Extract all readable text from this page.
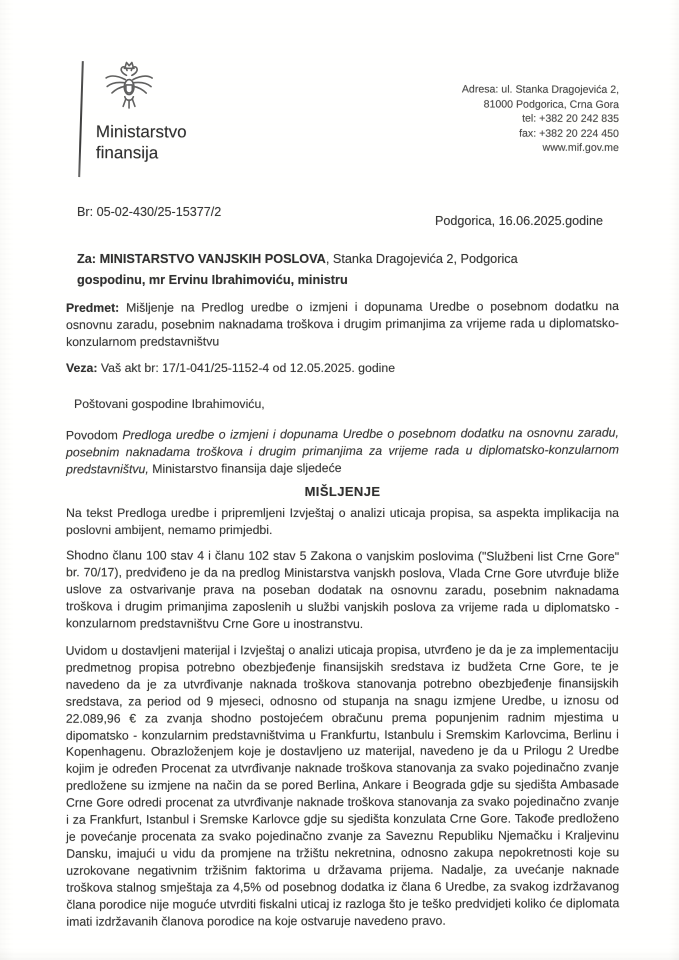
Ministarstvo
finansija
Adresa: ul. Stanka Dragojevića 2,
81000 Podgorica, Crna Gora
tel: +382 20 242 835
fax: +382 20 224 450
www.mif.gov.me
Br: 05-02-430/25-15377/2
Podgorica, 16.06.2025.godine
Za: MINISTARSTVO VANJSKIH POSLOVA, Stanka Dragojevića 2, Podgorica
gospodinu, mr Ervinu Ibrahimoviću, ministru
Predmet: Mišljenje na Predlog uredbe o izmjeni i dopunama Uredbe o posebnom dodatku na osnovnu zaradu, posebnim naknadama troškova i drugim primanjima za vrijeme rada u diplomatsko-konzularnom predstavništvu
Veza: Vaš akt br: 17/1-041/25-1152-4 od 12.05.2025. godine
Poštovani gospodine Ibrahimoviću,
Povodom Predloga uredbe o izmjeni i dopunama Uredbe o posebnom dodatku na osnovnu zaradu, posebnim naknadama troškova i drugim primanjima za vrijeme rada u diplomatsko-konzularnom predstavništvu, Ministarstvo finansija daje sljedeće
MIŠLJENJE
Na tekst Predloga uredbe i pripremljeni Izvještaj o analizi uticaja propisa, sa aspekta implikacija na poslovni ambijent, nemamo primjedbi.
Shodno članu 100 stav 4 i članu 102 stav 5 Zakona o vanjskim poslovima ("Službeni list Crne Gore" br. 70/17), predviđeno je da na predlog Ministarstva vanjskh poslova, Vlada Crne Gore utvrđuje bliže uslove za ostvarivanje prava na poseban dodatak na osnovnu zaradu, posebnim naknadama troškova i drugim primanjima zaposlenih u službi vanjskih poslova za vrijeme rada u diplomatsko - konzularnom predstavništvu Crne Gore u inostranstvu.
Uvidom u dostavljeni materijal i Izvještaj o analizi uticaja propisa, utvrđeno je da je za implementaciju predmetnog propisa potrebno obezbjeđenje finansijskih sredstava iz budžeta Crne Gore, te je navedeno da je za utvrđivanje naknada troškova stanovanja potrebno obezbjeđenje finansijskih sredstava, za period od 9 mjeseci, odnosno od stupanja na snagu izmjene Uredbe, u iznosu od 22.089,96 € za zvanja shodno postojećem obračunu prema popunjenim radnim mjestima u dipomatsko - konzularnim predstavništvima u Frankfurtu, Istanbulu i Sremskim Karlovcima, Berlinu i Kopenhagenu. Obrazloženjem koje je dostavljeno uz materijal, navedeno je da u Prilogu 2 Uredbe kojim je određen Procenat za utvrđivanje naknade troškova stanovanja za svako pojedinačno zvanje predložene su izmjene na način da se pored Berlina, Ankare i Beograda gdje su sjedišta Ambasade Crne Gore odredi procenat za utvrđivanje naknade troškova stanovanja za svako pojedinačno zvanje i za Frankfurt, Istanbul i Sremske Karlovce gdje su sjedišta konzulata Crne Gore. Takođe predloženo je povećanje procenata za svako pojedinačno zvanje za Saveznu Republiku Njemačku i Kraljevinu Dansku, imajući u vidu da promjene na tržištu nekretnina, odnosno zakupa nepokretnosti koje su uzrokovane negativnim tržišnim faktorima u državama prijema. Nadalje, za uvećanje naknade troškova stalnog smještaja za 4,5% od posebnog dodatka iz člana 6 Uredbe, za svakog izdržavanog člana porodice nije moguće utvrditi fiskalni uticaj iz razloga što je teško predvidjeti koliko će diplomata imati izdržavanih članova porodice na koje ostvaruje navedeno pravo.
